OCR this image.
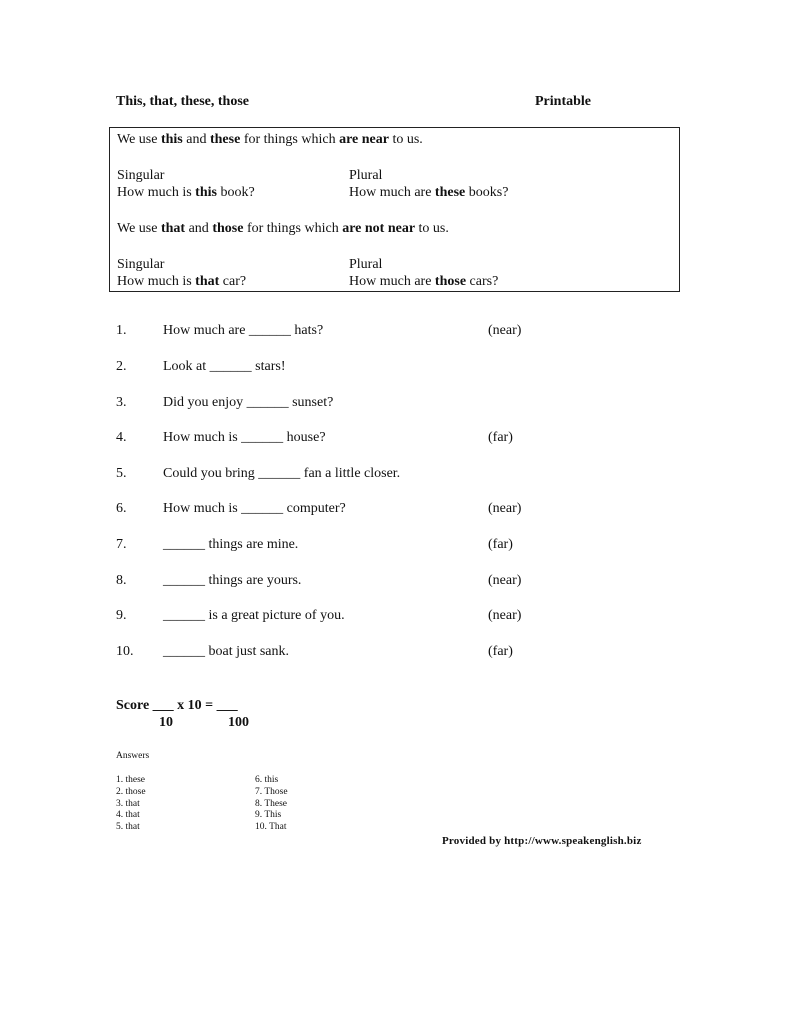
This, that, these, those	Printable
We use this and these for things which are near to us.
Singular	Plural
How much is this book?	How much are these books?
We use that and those for things which are not near to us.
Singular	Plural
How much is that car?	How much are those cars?
1.	How much are ______ hats?	(near)
2.	Look at ______ stars!
3.	Did you enjoy ______ sunset?
4.	How much is ______ house?	(far)
5.	Could you bring ______ fan a little closer.
6.	How much is ______ computer?	(near)
7.	______ things are mine.	(far)
8.	______ things are yours.	(near)
9.	______ is a great picture of you.	(near)
10. ______ boat just sank.	(far)
Score ___ x 10 = ___
10	100
Answers
1. these
2. those
3. that
4. that
5. that
6. this
7. Those
8. These
9. This
10. That
Provided by http://www.speakenglish.biz
